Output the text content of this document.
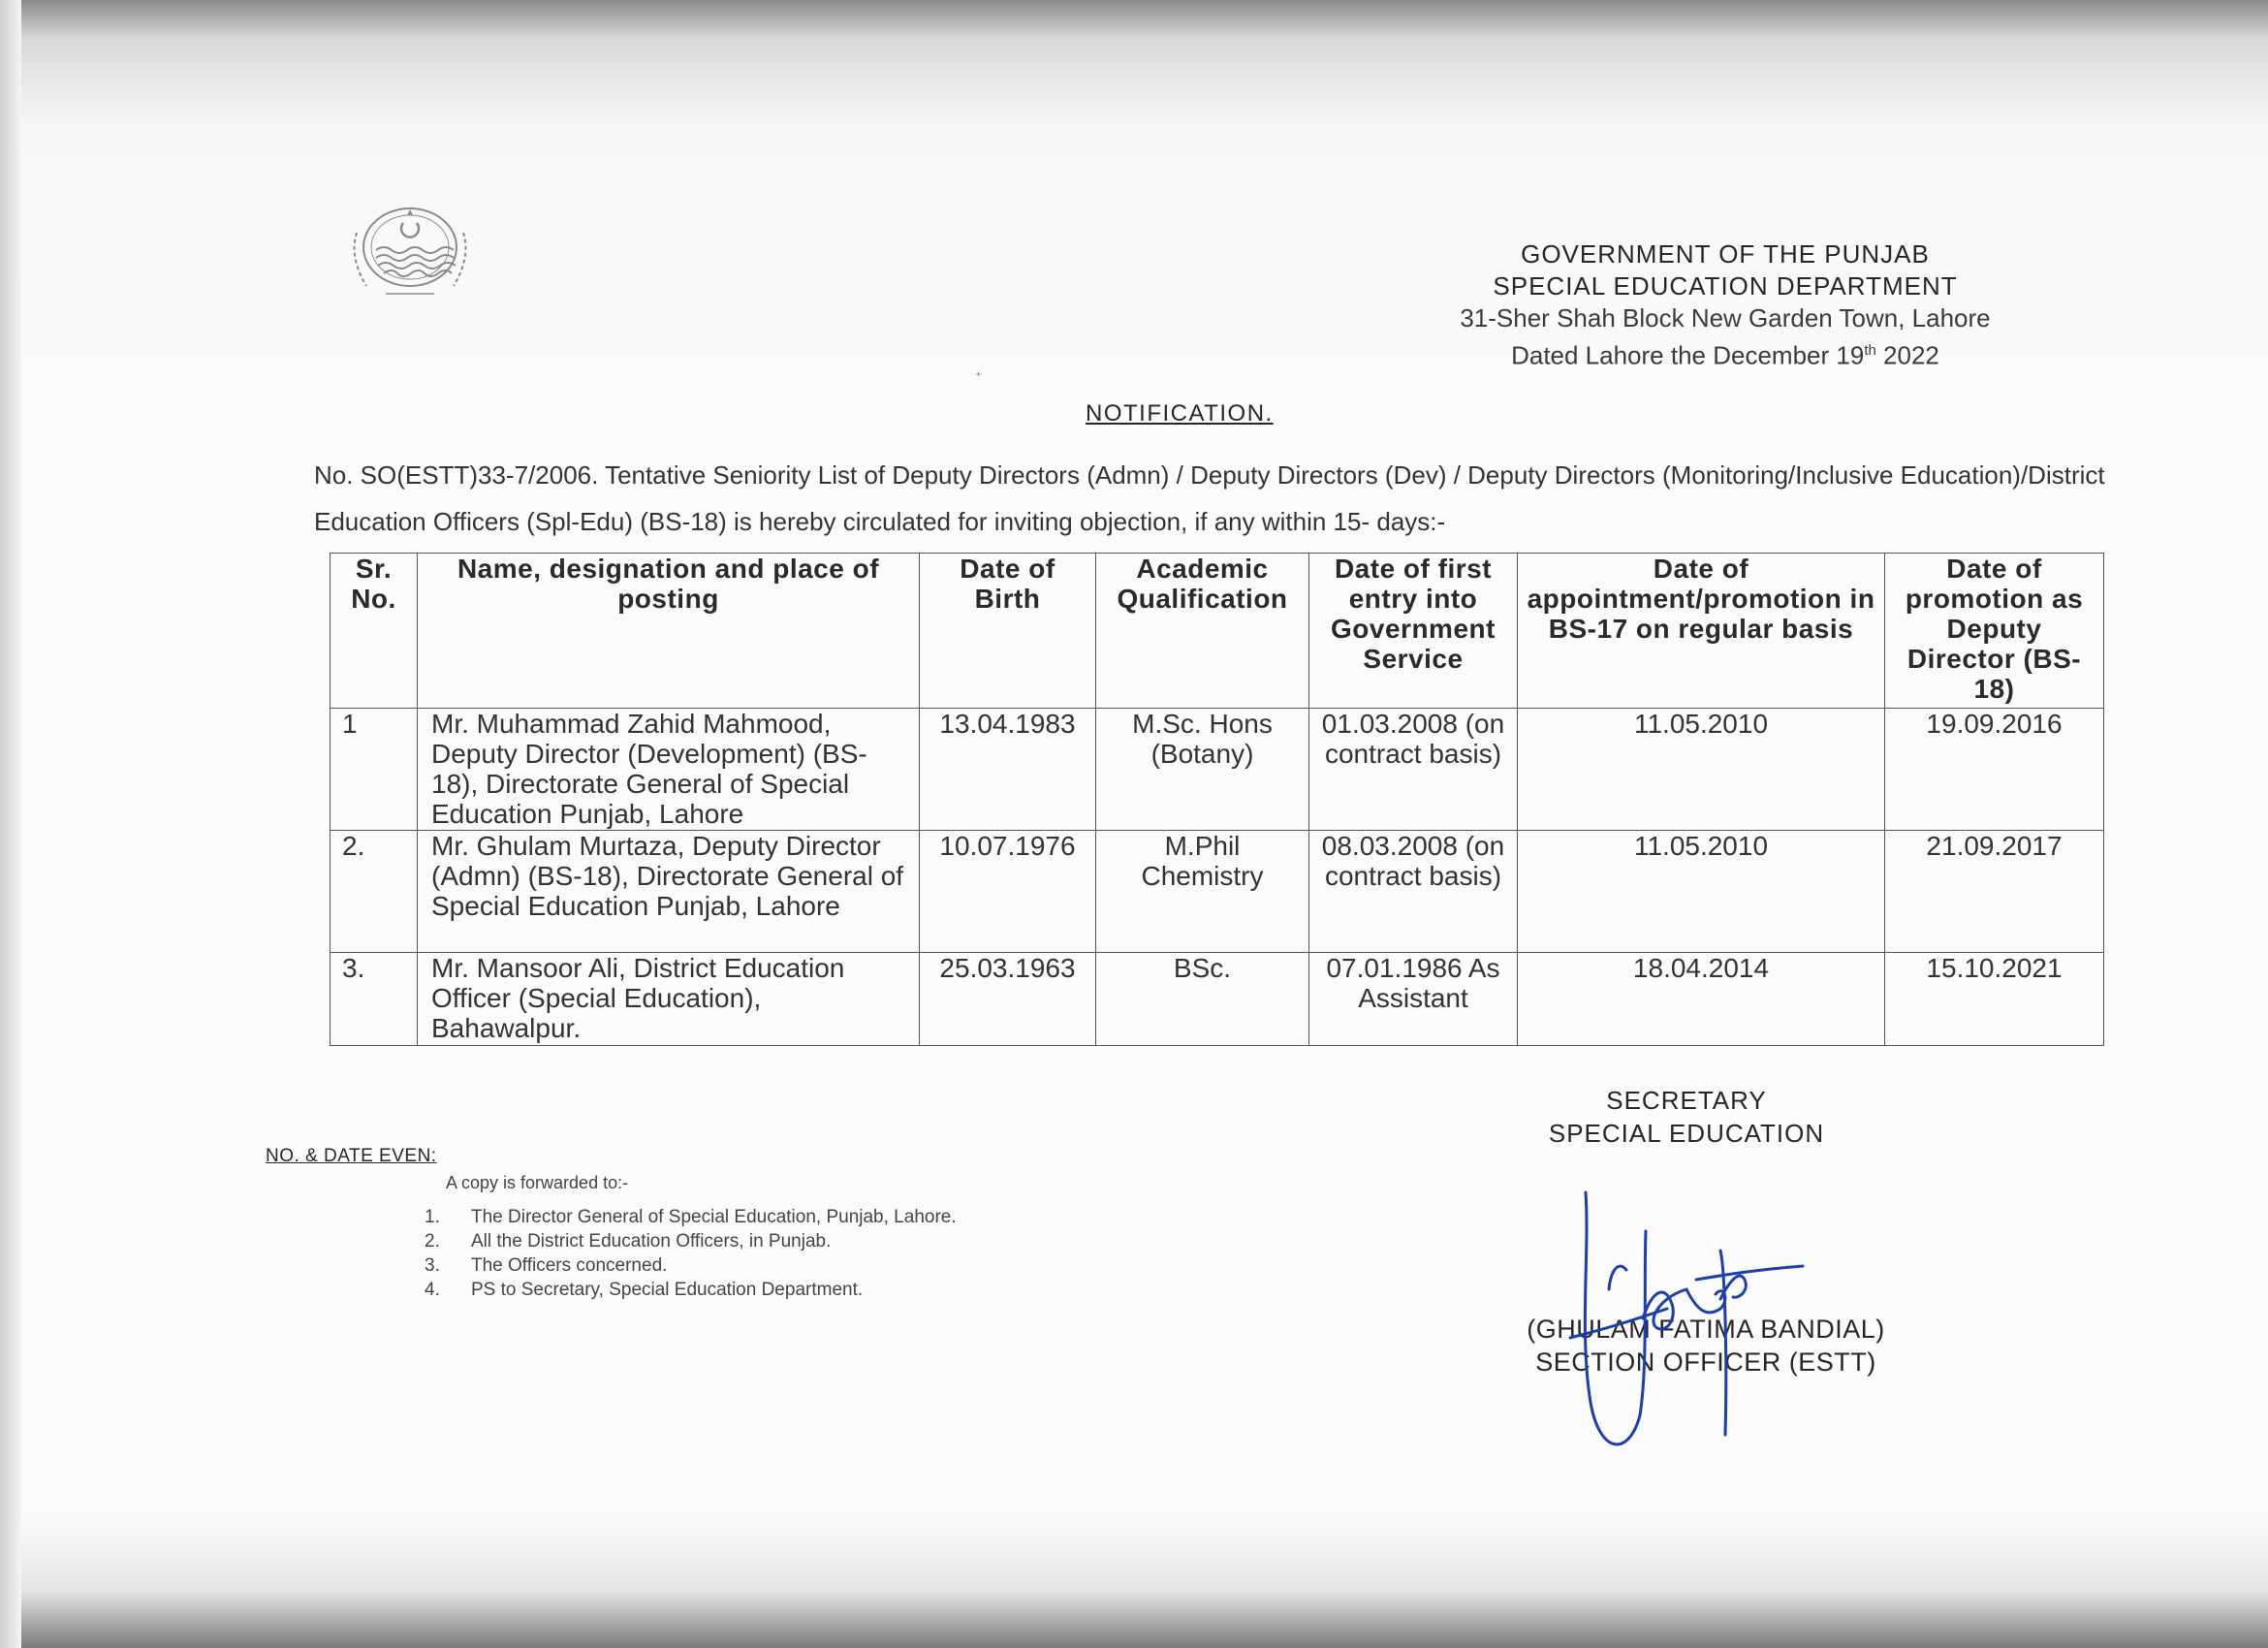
GOVERNMENT OF THE PUNJAB
SPECIAL EDUCATION DEPARTMENT
31-Sher Shah Block New Garden Town, Lahore
Dated Lahore the December 19th 2022
⁺
NOTIFICATION.
No. SO(ESTT)33-7/2006. Tentative Seniority List of Deputy Directors (Admn) / Deputy Directors (Dev) / Deputy Directors (Monitoring/Inclusive Education)/District Education Officers (Spl-Edu) (BS-18) is hereby circulated for inviting objection, if any within 15- days:-
Sr. No.	Name, designation and place of posting	Date of Birth	Academic Qualification	Date of first entry into Government Service	Date of appointment/promotion in BS-17 on regular basis	Date of promotion as Deputy Director (BS-18)
1	Mr. Muhammad Zahid Mahmood, Deputy Director (Development) (BS-18), Directorate General of Special Education Punjab, Lahore	13.04.1983	M.Sc. Hons (Botany)	01.03.2008 (on contract basis)	11.05.2010	19.09.2016
2.	Mr. Ghulam Murtaza, Deputy Director (Admn) (BS-18), Directorate General of Special Education Punjab, Lahore	10.07.1976	M.Phil Chemistry	08.03.2008 (on contract basis)	11.05.2010	21.09.2017
3.	Mr. Mansoor Ali, District Education Officer (Special Education), Bahawalpur.	25.03.1963	BSc.	07.01.1986 As Assistant	18.04.2014	15.10.2021
SECRETARY
SPECIAL EDUCATION
NO. & DATE EVEN:
A copy is forwarded to:-
1. The Director General of Special Education, Punjab, Lahore.
2. All the District Education Officers, in Punjab.
3. The Officers concerned.
4. PS to Secretary, Special Education Department.
(GHULAM FATIMA BANDIAL)
SECTION OFFICER (ESTT)
